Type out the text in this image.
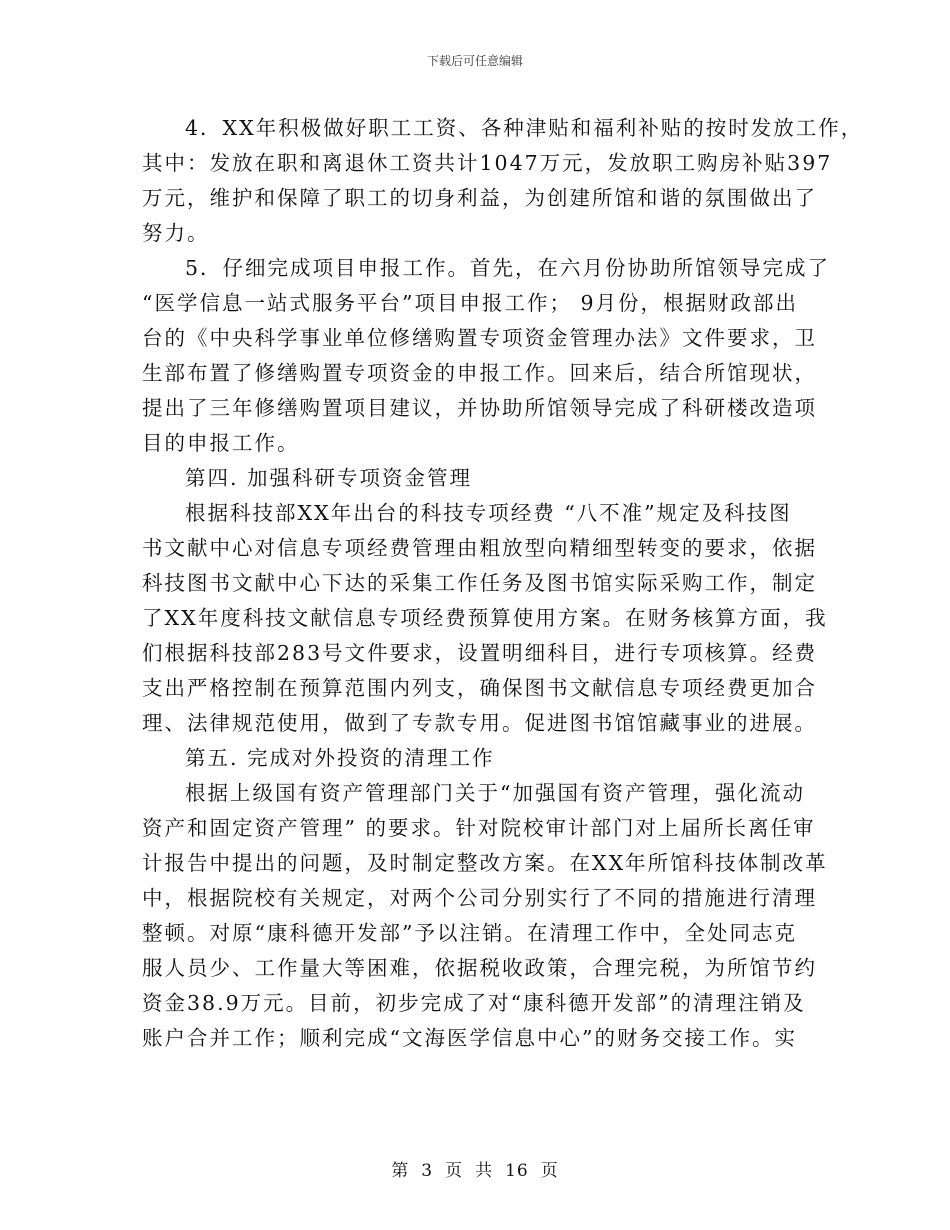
下载后可任意编辑
4．XX年积极做好职工工资、各种津贴和福利补贴的按时发放工作，
其中：发放在职和离退休工资共计1047万元，发放职工购房补贴397
万元，维护和保障了职工的切身利益，为创建所馆和谐的氛围做出了
努力。
5．仔细完成项目申报工作。首先，在六月份协助所馆领导完成了
“医学信息一站式服务平台”项目申报工作； 9月份，根据财政部出
台的《中央科学事业单位修缮购置专项资金管理办法》文件要求，卫
生部布置了修缮购置专项资金的申报工作。回来后，结合所馆现状，
提出了三年修缮购置项目建议，并协助所馆领导完成了科研楼改造项
目的申报工作。
第四. 加强科研专项资金管理
根据科技部XX年出台的科技专项经费 “八不准”规定及科技图
书文献中心对信息专项经费管理由粗放型向精细型转变的要求，依据
科技图书文献中心下达的采集工作任务及图书馆实际采购工作，制定
了XX年度科技文献信息专项经费预算使用方案。在财务核算方面，我
们根据科技部283号文件要求，设置明细科目，进行专项核算。经费
支出严格控制在预算范围内列支，确保图书文献信息专项经费更加合
理、法律规范使用，做到了专款专用。促进图书馆馆藏事业的进展。
第五. 完成对外投资的清理工作
根据上级国有资产管理部门关于“加强国有资产管理，强化流动
资产和固定资产管理” 的要求。针对院校审计部门对上届所长离任审
计报告中提出的问题，及时制定整改方案。在XX年所馆科技体制改革
中，根据院校有关规定，对两个公司分别实行了不同的措施进行清理
整顿。对原“康科德开发部”予以注销。在清理工作中，全处同志克
服人员少、工作量大等困难，依据税收政策，合理完税，为所馆节约
资金38.9万元。目前，初步完成了对“康科德开发部”的清理注销及
账户合并工作；顺利完成“文海医学信息中心”的财务交接工作。实
第 3 页 共 16 页
